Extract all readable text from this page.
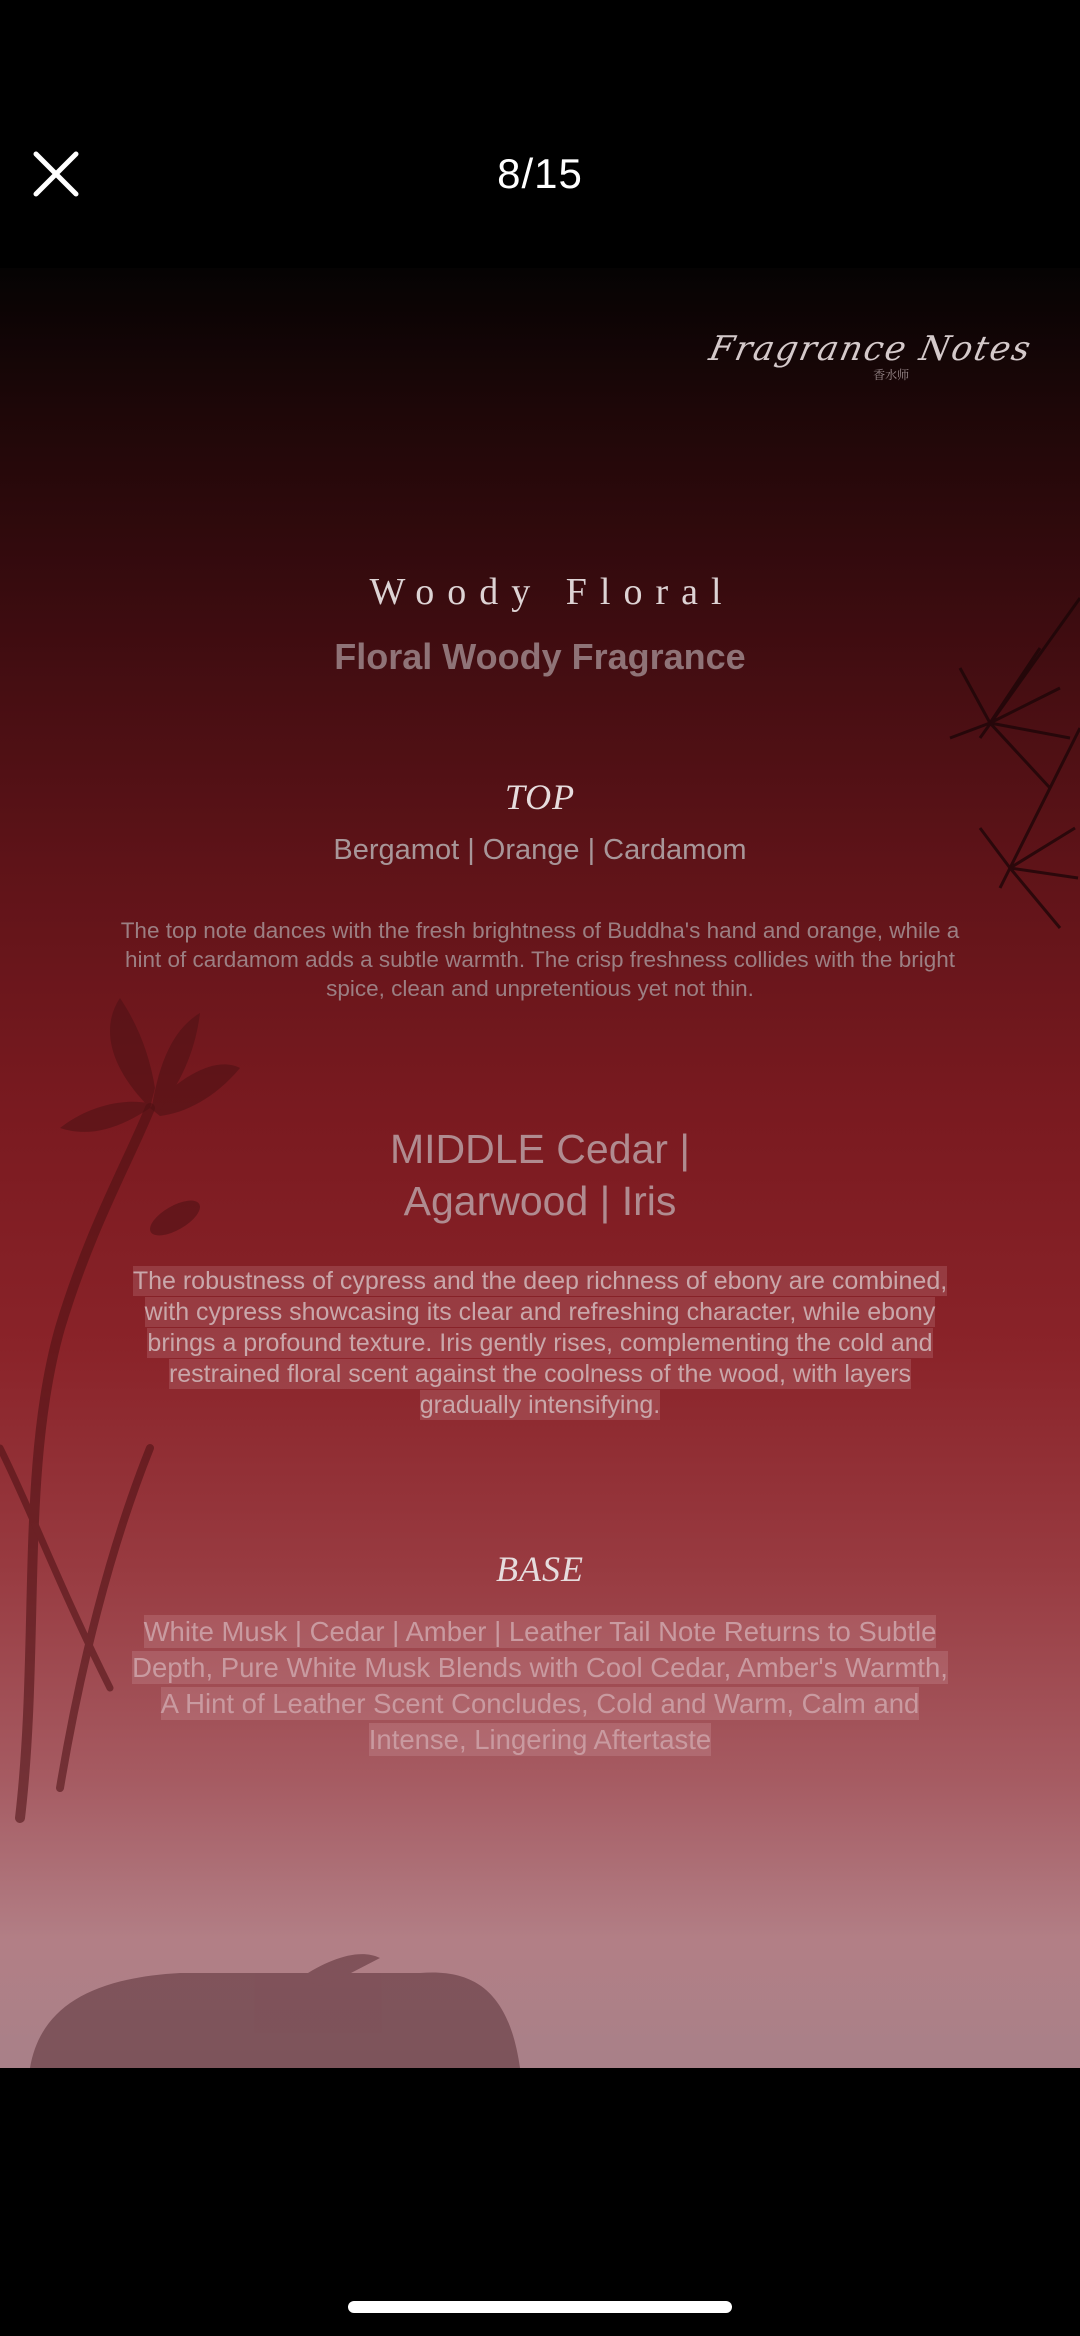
8/15
Fragrance Notes
香水师
Woody Floral
Floral Woody Fragrance
TOP
Bergamot | Orange | Cardamom
The top note dances with the fresh brightness of Buddha's hand and orange, while a hint of cardamom adds a subtle warmth. The crisp freshness collides with the bright spice, clean and unpretentious yet not thin.
MIDDLE Cedar | Agarwood | Iris
The robustness of cypress and the deep richness of ebony are combined, with cypress showcasing its clear and refreshing character, while ebony brings a profound texture. Iris gently rises, complementing the cold and restrained floral scent against the coolness of the wood, with layers gradually intensifying.
BASE
White Musk | Cedar | Amber | Leather Tail Note Returns to Subtle Depth, Pure White Musk Blends with Cool Cedar, Amber's Warmth, A Hint of Leather Scent Concludes, Cold and Warm, Calm and Intense, Lingering Aftertaste
